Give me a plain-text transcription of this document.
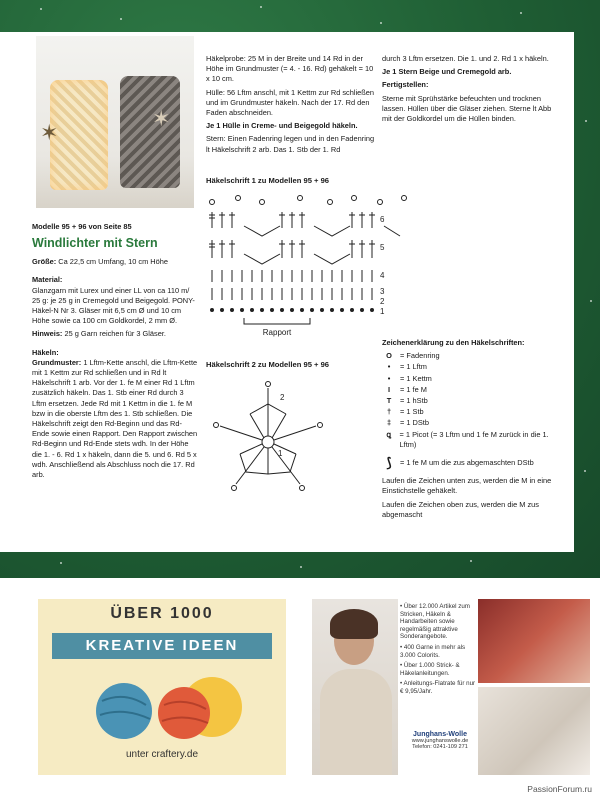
✶
✶

Häkelprobe: 25 M in der Breite und 14 Rd in der Höhe im Grundmuster (= 4. - 16. Rd) gehäkelt = 10 x 10 cm.

Hülle: 56 Lftm anschl, mit 1 Kettm zur Rd schließen und im Grundmuster häkeln. Nach der 17. Rd den Faden abschneiden.

Je 1 Hülle in Creme- und Beigegold häkeln.

Stern: Einen Fadenring legen und in den Fadenring lt Häkelschrift 2 arb. Das 1. Stb der 1. Rd

durch 3 Lftm ersetzen. Die 1. und 2. Rd 1 x häkeln.

Je 1 Stern Beige und Cremegold arb.

Fertigstellen:

Sterne mit Sprühstärke befeuchten und trocknen lassen. Hüllen über die Gläser ziehen. Sterne lt Abb mit der Goldkordel um die Hüllen binden.

Modelle 95 + 96 von Seite 85

Windlichter mit Stern

Größe: Ca 22,5 cm Umfang, 10 cm Höhe

Material:

Glanzgarn mit Lurex und einer LL von ca 110 m/ 25 g: je 25 g in Cremegold und Beigegold. PONY-Häkel-N Nr 3. Gläser mit 6,5 cm Ø und 10 cm Höhe sowie ca 100 cm Goldkordel, 2 mm Ø.

Hinweis: 25 g Garn reichen für 3 Gläser.

Häkeln:

Grundmuster: 1 Lftm-Kette anschl, die Lftm-Kette mit 1 Kettm zur Rd schließen und in Rd lt Häkelschrift 1 arb. Vor der 1. fe M einer Rd 1 Lftm zusätzlich häkeln. Das 1. Stb einer Rd durch 3 Lftm ersetzen. Jede Rd mit 1 Kettm in die 1. fe M bzw in die oberste Lftm des 1. Stb schließen. Die Häkelschrift zeigt den Rd-Beginn und das Rd-Ende sowie einen Rapport. Den Rapport zwischen Rd-Beginn und Rd-Ende stets wdh. In der Höhe die 1. - 6. Rd 1 x häkeln, dann die 5. und 6. Rd 5 x wdh. Anschließend als Abschluss noch die 17. Rd arb.

Häkelschrift 1 zu Modellen 95 + 96
Rapport
6
5
4
3
2
1
Häkelschrift 2 zu Modellen 95 + 96
1
2

Zeichenerklärung zu den Häkelschriften:

O	= Fadenring
•	= 1 Lftm
•	= 1 Kettm
I	= 1 fe M
T	= 1 hStb
†	= 1 Stb
‡	= 1 DStb
ꝗ	= 1 Picot (= 3 Lftm und 1 fe M zurück in die 1. Lftm)
⟆	= 1 fe M um die zus abgemaschten DStb

Laufen die Zeichen unten zus, werden die M in eine Einstichstelle gehäkelt.

Laufen die Zeichen oben zus, werden die M zus abgemascht

ÜBER 1000
KREATIVE IDEEN
unter craftery.de
• Über 12.000 Artikel zum Stricken, Häkeln & Handarbeiten sowie regelmäßig attraktive Sonderangebote.
• 400 Garne in mehr als 3.000 Colorits.
• Über 1.000 Strick- & Häkelanleitungen.
• Anleitungs-Flatrate für nur € 9,95/Jahr.
Junghans-Wolle
www.junghanswolle.de
Telefon: 0241-109 271
PassionForum.ru
